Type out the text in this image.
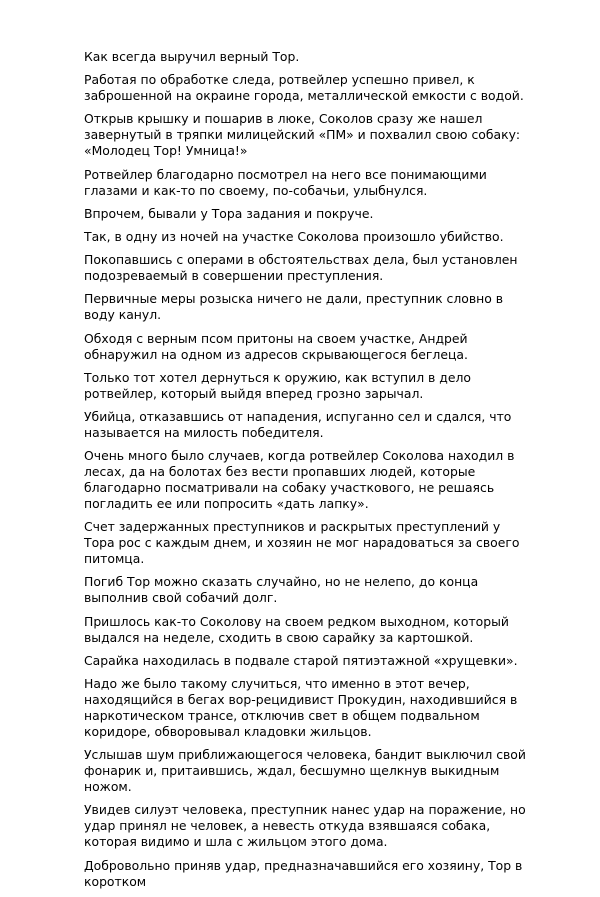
Как всегда выручил верный Тор.

Работая по обработке следа, ротвейлер успешно привел, к заброшенной на окраине города, металлической емкости с водой.

Открыв крышку и пошарив в люке, Соколов сразу же нашел завернутый в тряпки милицейский «ПМ» и похвалил свою собаку: «Молодец Тор! Умница!»

Ротвейлер благодарно посмотрел на него все понимающими глазами и как-то по своему, по-собачьи, улыбнулся.

Впрочем, бывали у Тора задания и покруче.

Так, в одну из ночей на участке Соколова произошло убийство.

Покопавшись с операми в обстоятельствах дела, был установлен подозреваемый в совершении преступления.

Первичные меры розыска ничего не дали, преступник словно в воду канул.

Обходя с верным псом притоны на своем участке, Андрей обнаружил на одном из адресов скрывающегося беглеца.

Только тот хотел дернуться к оружию, как вступил в дело ротвейлер, который выйдя вперед грозно зарычал.

Убийца, отказавшись от нападения, испуганно сел и сдался, что называется на милость победителя.

Очень много было случаев, когда ротвейлер Соколова находил в лесах, да на болотах без вести пропавших людей, которые благодарно посматривали на собаку участкового, не решаясь погладить ее или попросить «дать лапку».

Счет задержанных преступников и раскрытых преступлений у Тора рос с каждым днем, и хозяин не мог нарадоваться за своего питомца.

Погиб Тор можно сказать случайно, но не нелепо, до конца выполнив свой собачий долг.

Пришлось как-то Соколову на своем редком выходном, который выдался на неделе, сходить в свою сарайку за картошкой.

Сарайка находилась в подвале старой пятиэтажной «хрущевки».

Надо же было такому случиться, что именно в этот вечер, находящийся в бегах вор-рецидивист Прокудин, находившийся в наркотическом трансе, отключив свет в общем подвальном коридоре, обворовывал кладовки жильцов.

Услышав шум приближающегося человека, бандит выключил свой фонарик и, притаившись, ждал, бесшумно щелкнув выкидным ножом.

Увидев силуэт человека, преступник нанес удар на поражение, но удар принял не человек, а невесть откуда взявшаяся собака, которая видимо и шла с жильцом этого дома.

Добровольно приняв удар, предназначавшийся его хозяину, Тор в коротком
